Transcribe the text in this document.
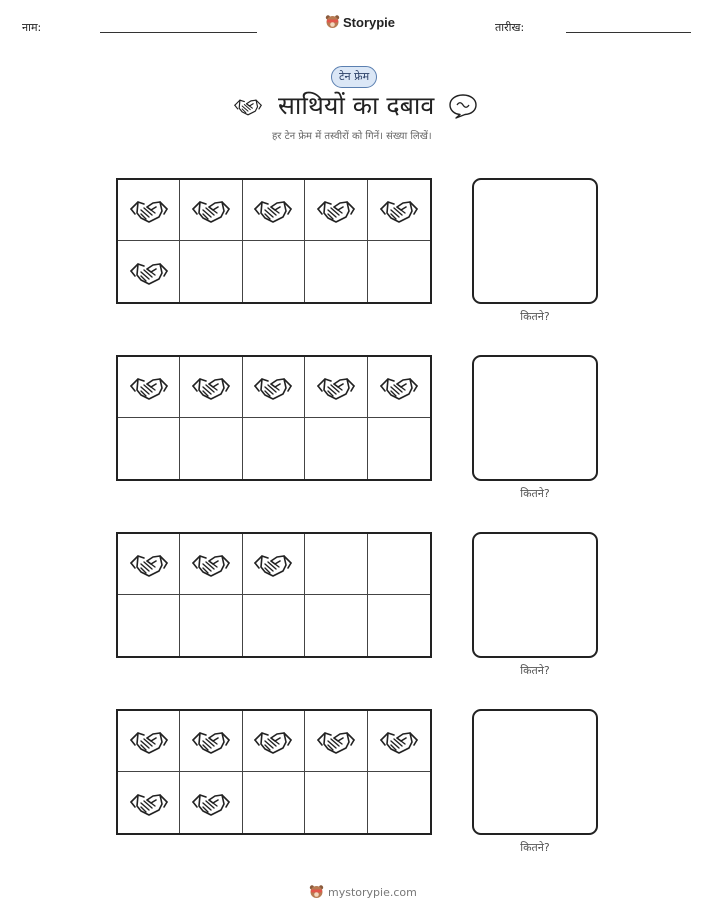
नाम:	Storypie	तारीख:
टेन फ्रेम
साथियों का दबाव
हर टेन फ्रेम में तस्वीरों को गिनें। संख्या लिखें।
कितने?
कितने?
कितने?
कितने?
mystorypie.com
